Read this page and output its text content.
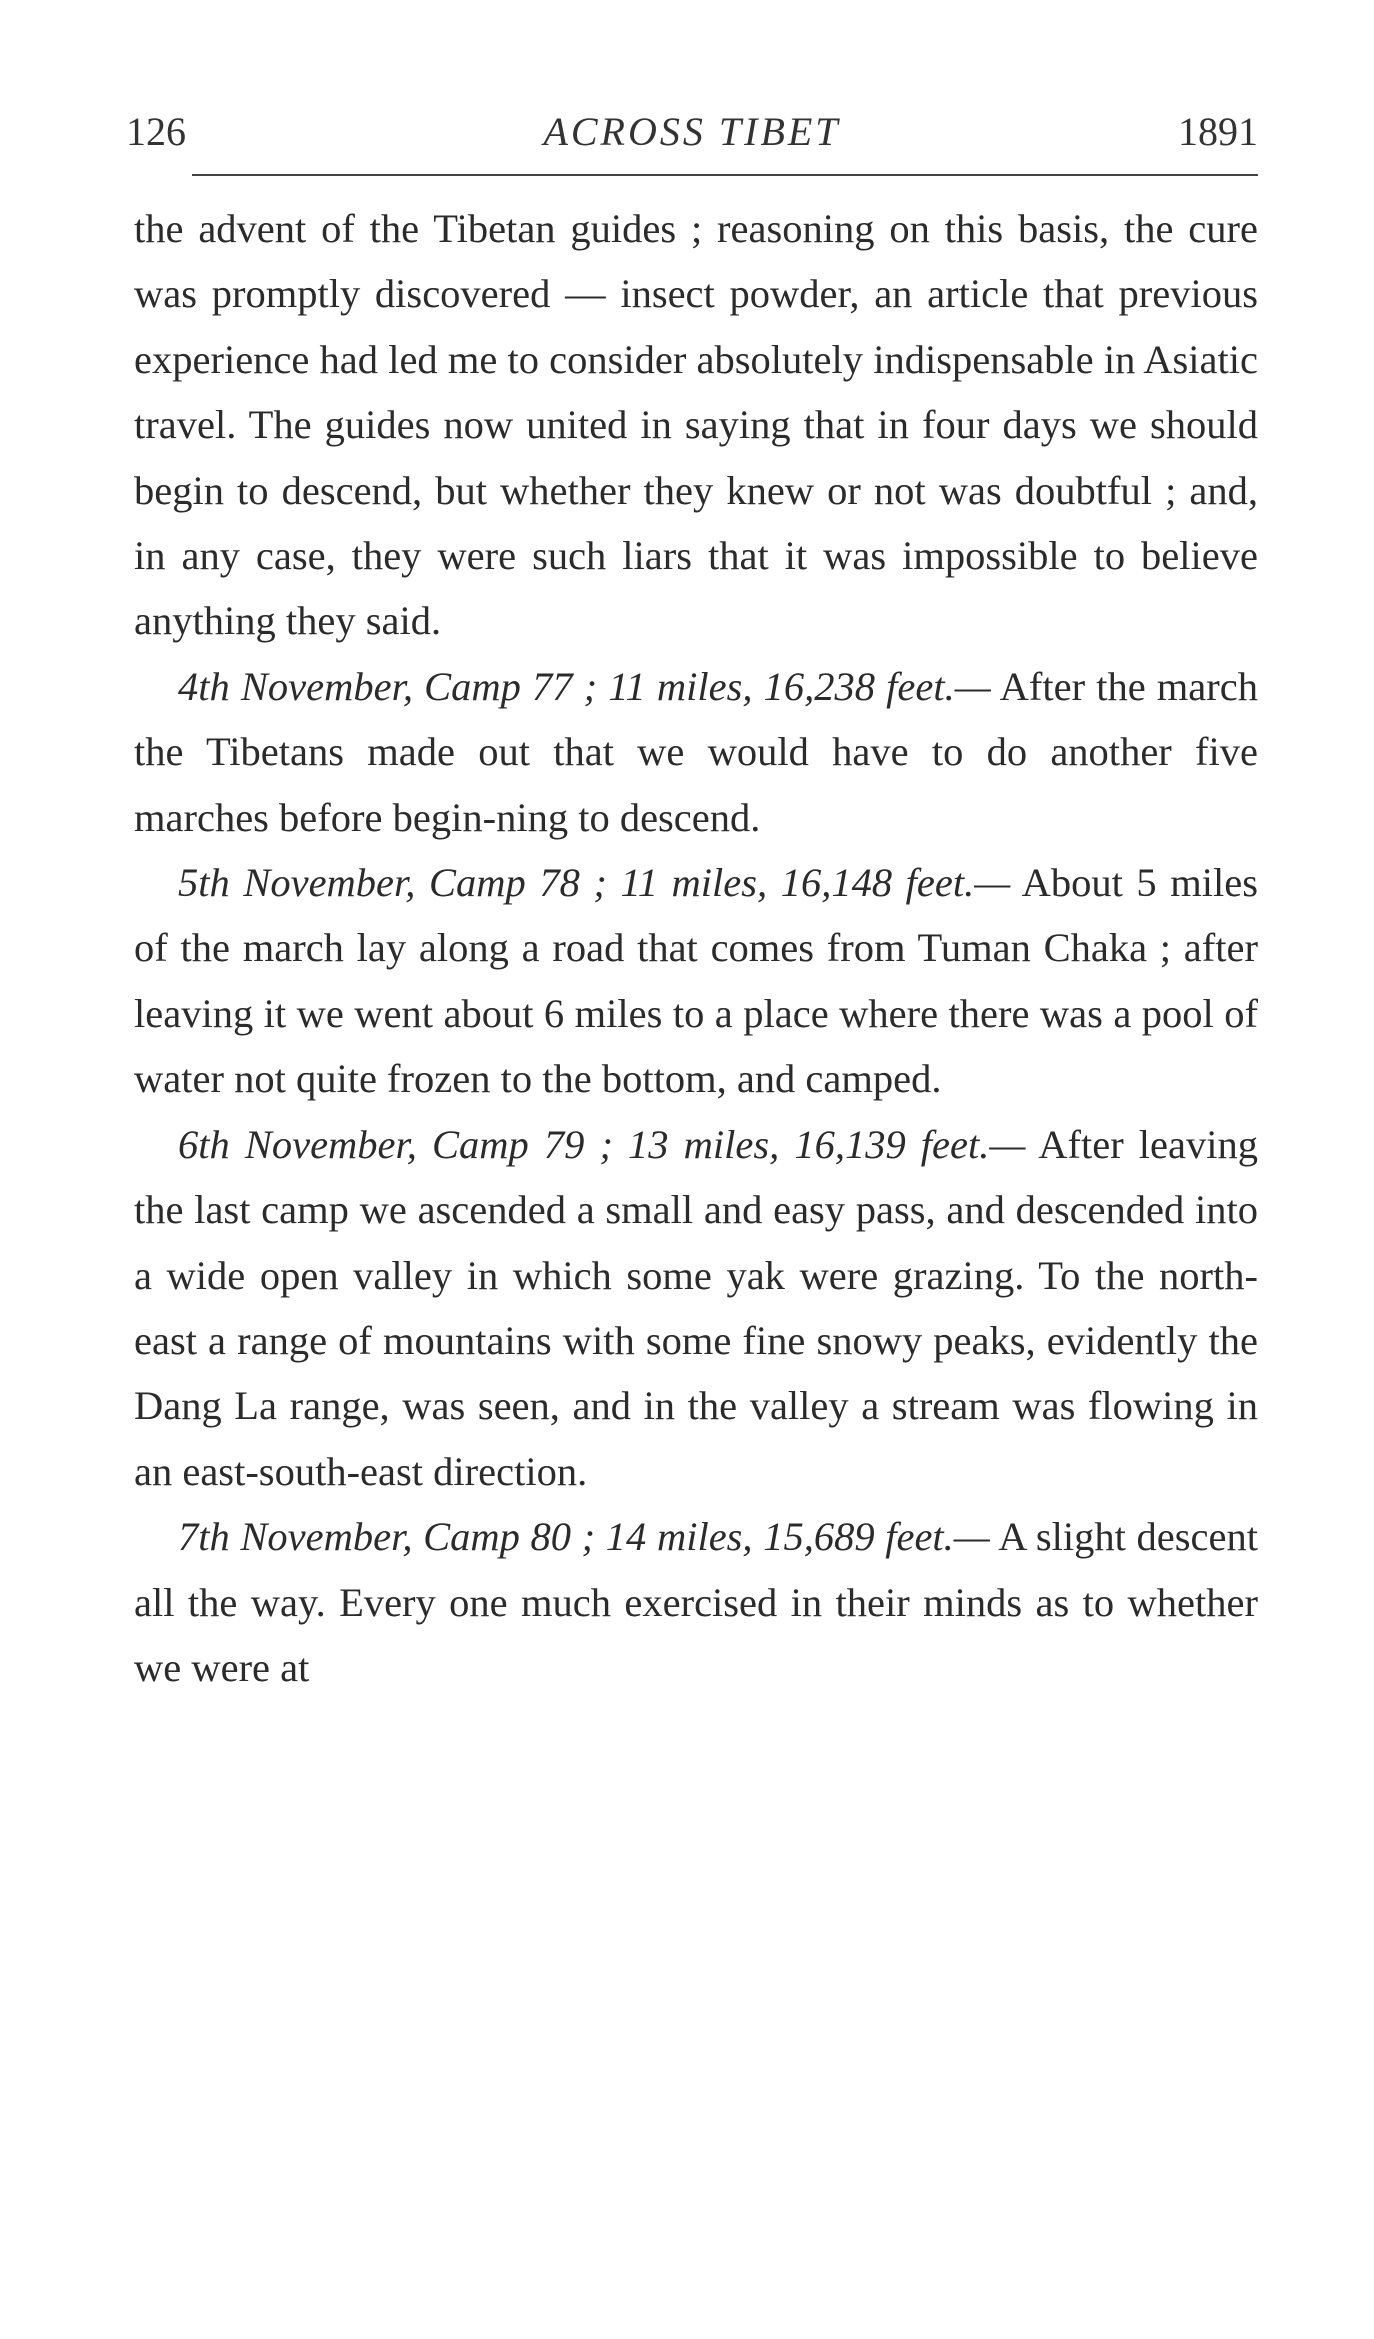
126	ACROSS TIBET	1891

the advent of the Tibetan guides ; reasoning on this basis, the cure was promptly discovered — insect powder, an article that previous experience had led me to consider absolutely indispensable in Asiatic travel. The guides now united in saying that in four days we should begin to descend, but whether they knew or not was doubtful ; and, in any case, they were such liars that it was impossible to believe anything they said.

4th November, Camp 77 ; 11 miles, 16,238 feet.— After the march the Tibetans made out that we would have to do another five marches before begin-ning to descend.

5th November, Camp 78 ; 11 miles, 16,148 feet.— About 5 miles of the march lay along a road that comes from Tuman Chaka ; after leaving it we went about 6 miles to a place where there was a pool of water not quite frozen to the bottom, and camped.

6th November, Camp 79 ; 13 miles, 16,139 feet.— After leaving the last camp we ascended a small and easy pass, and descended into a wide open valley in which some yak were grazing. To the north-east a range of mountains with some fine snowy peaks, evidently the Dang La range, was seen, and in the valley a stream was flowing in an east-south-east direction.

7th November, Camp 80 ; 14 miles, 15,689 feet.— A slight descent all the way. Every one much exercised in their minds as to whether we were at
